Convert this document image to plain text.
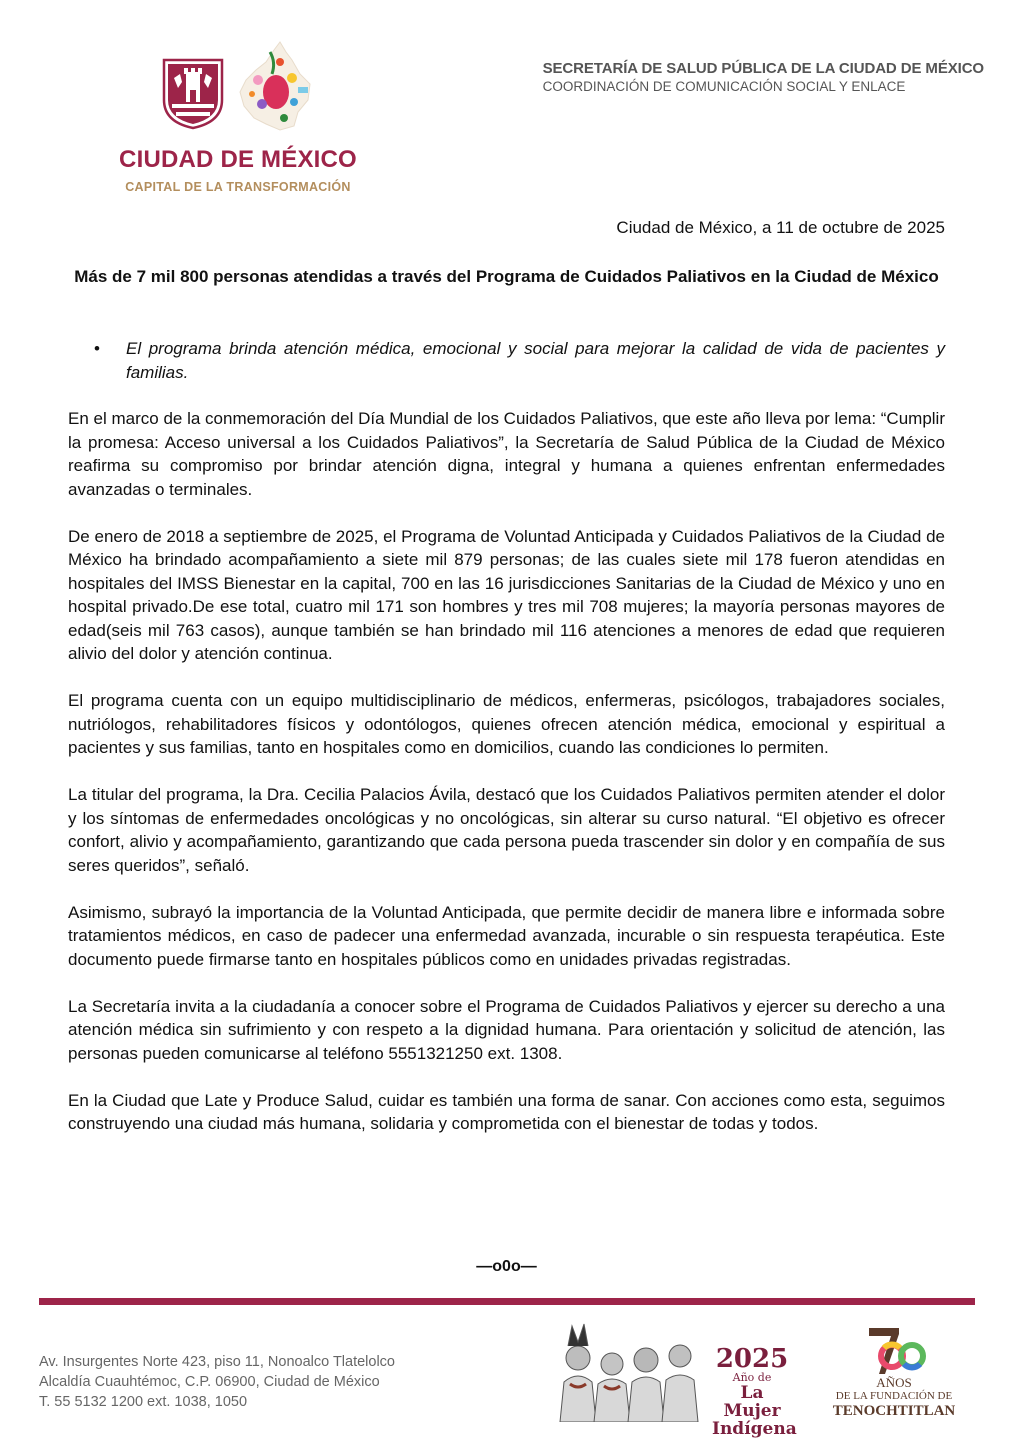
CIUDAD DE MÉXICO
CAPITAL DE LA TRANSFORMACIÓN
SECRETARÍA DE SALUD PÚBLICA DE LA CIUDAD DE MÉXICO
COORDINACIÓN DE COMUNICACIÓN SOCIAL Y ENLACE
Ciudad de México, a 11 de octubre de 2025
Más de 7 mil 800 personas atendidas a través del Programa de Cuidados Paliativos en la Ciudad de México
• El programa brinda atención médica, emocional y social para mejorar la calidad de vida de pacientes y familias.

En el marco de la conmemoración del Día Mundial de los Cuidados Paliativos, que este año lleva por lema: “Cumplir la promesa: Acceso universal a los Cuidados Paliativos”, la Secretaría de Salud Pública de la Ciudad de México reafirma su compromiso por brindar atención digna, integral y humana a quienes enfrentan enfermedades avanzadas o terminales.

De enero de 2018 a septiembre de 2025, el Programa de Voluntad Anticipada y Cuidados Paliativos de la Ciudad de México ha brindado acompañamiento a siete mil 879 personas; de las cuales siete mil 178 fueron atendidas en hospitales del IMSS Bienestar en la capital, 700 en las 16 jurisdicciones Sanitarias de la Ciudad de México y uno en hospital privado.De ese total, cuatro mil 171 son hombres y tres mil 708 mujeres; la mayoría personas mayores de edad(seis mil 763 casos), aunque también se han brindado mil 116 atenciones a menores de edad que requieren alivio del dolor y atención continua.

El programa cuenta con un equipo multidisciplinario de médicos, enfermeras, psicólogos, trabajadores sociales, nutriólogos, rehabilitadores físicos y odontólogos, quienes ofrecen atención médica, emocional y espiritual a pacientes y sus familias, tanto en hospitales como en domicilios, cuando las condiciones lo permiten.

La titular del programa, la Dra. Cecilia Palacios Ávila, destacó que los Cuidados Paliativos permiten atender el dolor y los síntomas de enfermedades oncológicas y no oncológicas, sin alterar su curso natural. “El objetivo es ofrecer confort, alivio y acompañamiento, garantizando que cada persona pueda trascender sin dolor y en compañía de sus seres queridos”, señaló.

Asimismo, subrayó la importancia de la Voluntad Anticipada, que permite decidir de manera libre e informada sobre tratamientos médicos, en caso de padecer una enfermedad avanzada, incurable o sin respuesta terapéutica. Este documento puede firmarse tanto en hospitales públicos como en unidades privadas registradas.

La Secretaría invita a la ciudadanía a conocer sobre el Programa de Cuidados Paliativos y ejercer su derecho a una atención médica sin sufrimiento y con respeto a la dignidad humana. Para orientación y solicitud de atención, las personas pueden comunicarse al teléfono 5551321250 ext. 1308.

En la Ciudad que Late y Produce Salud, cuidar es también una forma de sanar. Con acciones como esta, seguimos construyendo una ciudad más humana, solidaria y comprometida con el bienestar de todas y todos.

—o0o—
Av. Insurgentes Norte 423, piso 11, Nonoalco Tlatelolco
Alcaldía Cuauhtémoc, C.P. 06900, Ciudad de México
T. 55 5132 1200 ext. 1038, 1050
2025
Año de
La Mujer
Indígena
AÑOS
DE LA FUNDACIÓN DE
TENOCHTITLAN
